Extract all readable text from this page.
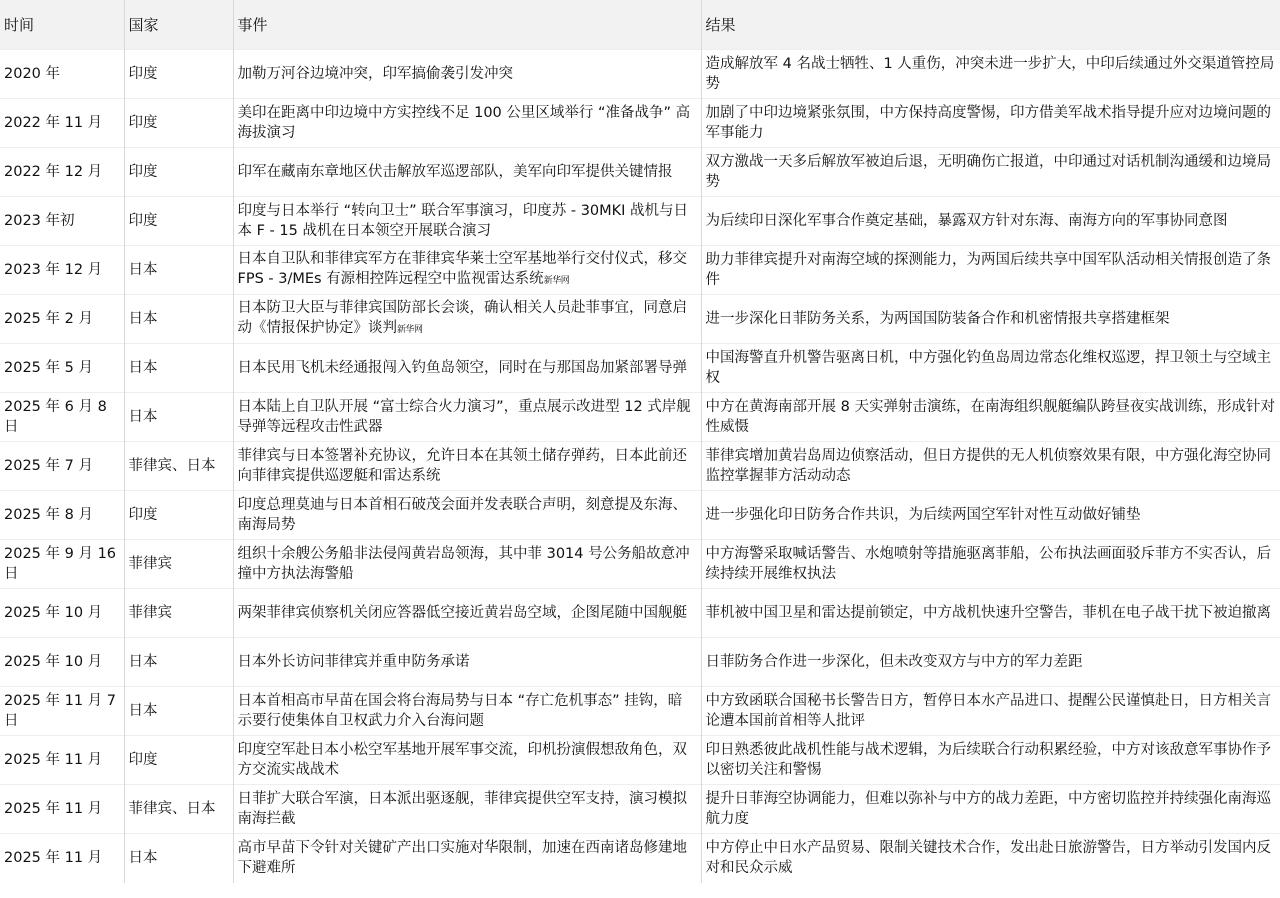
时间	国家	事件	结果
2020 年	印度	加勒万河谷边境冲突，印军搞偷袭引发冲突	造成解放军 4 名战士牺牲、1 人重伤，冲突未进一步扩大，中印后续通过外交渠道管控局势
2022 年 11 月	印度	美印在距离中印边境中方实控线不足 100 公里区域举行 “准备战争” 高海拔演习	加剧了中印边境紧张氛围，中方保持高度警惕，印方借美军战术指导提升应对边境问题的军事能力
2022 年 12 月	印度	印军在藏南东章地区伏击解放军巡逻部队，美军向印军提供关键情报	双方激战一天多后解放军被迫后退，无明确伤亡报道，中印通过对话机制沟通缓和边境局势
2023 年初	印度	印度与日本举行 “转向卫士” 联合军事演习，印度苏 - 30MKI 战机与日本 F - 15 战机在日本领空开展联合演习	为后续印日深化军事合作奠定基础，暴露双方针对东海、南海方向的军事协同意图
2023 年 12 月	日本	日本自卫队和菲律宾军方在菲律宾华莱士空军基地举行交付仪式，移交 FPS - 3/MEs 有源相控阵远程空中监视雷达系统新华网	助力菲律宾提升对南海空域的探测能力，为两国后续共享中国军队活动相关情报创造了条件
2025 年 2 月	日本	日本防卫大臣与菲律宾国防部长会谈，确认相关人员赴菲事宜，同意启动《情报保护协定》谈判新华网	进一步深化日菲防务关系，为两国国防装备合作和机密情报共享搭建框架
2025 年 5 月	日本	日本民用飞机未经通报闯入钓鱼岛领空，同时在与那国岛加紧部署导弹	中国海警直升机警告驱离日机，中方强化钓鱼岛周边常态化维权巡逻，捍卫领土与空域主权
2025 年 6 月 8 日	日本	日本陆上自卫队开展 “富士综合火力演习”，重点展示改进型 12 式岸舰导弹等远程攻击性武器	中方在黄海南部开展 8 天实弹射击演练，在南海组织舰艇编队跨昼夜实战训练，形成针对性威慑
2025 年 7 月	菲律宾、日本	菲律宾与日本签署补充协议，允许日本在其领土储存弹药，日本此前还向菲律宾提供巡逻艇和雷达系统	菲律宾增加黄岩岛周边侦察活动，但日方提供的无人机侦察效果有限，中方强化海空协同监控掌握菲方活动动态
2025 年 8 月	印度	印度总理莫迪与日本首相石破茂会面并发表联合声明，刻意提及东海、南海局势	进一步强化印日防务合作共识，为后续两国空军针对性互动做好铺垫
2025 年 9 月 16 日	菲律宾	组织十余艘公务船非法侵闯黄岩岛领海，其中菲 3014 号公务船故意冲撞中方执法海警船	中方海警采取喊话警告、水炮喷射等措施驱离菲船，公布执法画面驳斥菲方不实否认，后续持续开展维权执法
2025 年 10 月	菲律宾	两架菲律宾侦察机关闭应答器低空接近黄岩岛空域，企图尾随中国舰艇	菲机被中国卫星和雷达提前锁定，中方战机快速升空警告，菲机在电子战干扰下被迫撤离
2025 年 10 月	日本	日本外长访问菲律宾并重申防务承诺	日菲防务合作进一步深化，但未改变双方与中方的军力差距
2025 年 11 月 7 日	日本	日本首相高市早苗在国会将台海局势与日本 “存亡危机事态” 挂钩，暗示要行使集体自卫权武力介入台海问题	中方致函联合国秘书长警告日方，暂停日本水产品进口、提醒公民谨慎赴日，日方相关言论遭本国前首相等人批评
2025 年 11 月	印度	印度空军赴日本小松空军基地开展军事交流，印机扮演假想敌角色，双方交流实战战术	印日熟悉彼此战机性能与战术逻辑，为后续联合行动积累经验，中方对该敌意军事协作予以密切关注和警惕
2025 年 11 月	菲律宾、日本	日菲扩大联合军演，日本派出驱逐舰，菲律宾提供空军支持，演习模拟南海拦截	提升日菲海空协调能力，但难以弥补与中方的战力差距，中方密切监控并持续强化南海巡航力度
2025 年 11 月	日本	高市早苗下令针对关键矿产出口实施对华限制，加速在西南诸岛修建地下避难所	中方停止中日水产品贸易、限制关键技术合作，发出赴日旅游警告，日方举动引发国内反对和民众示威
